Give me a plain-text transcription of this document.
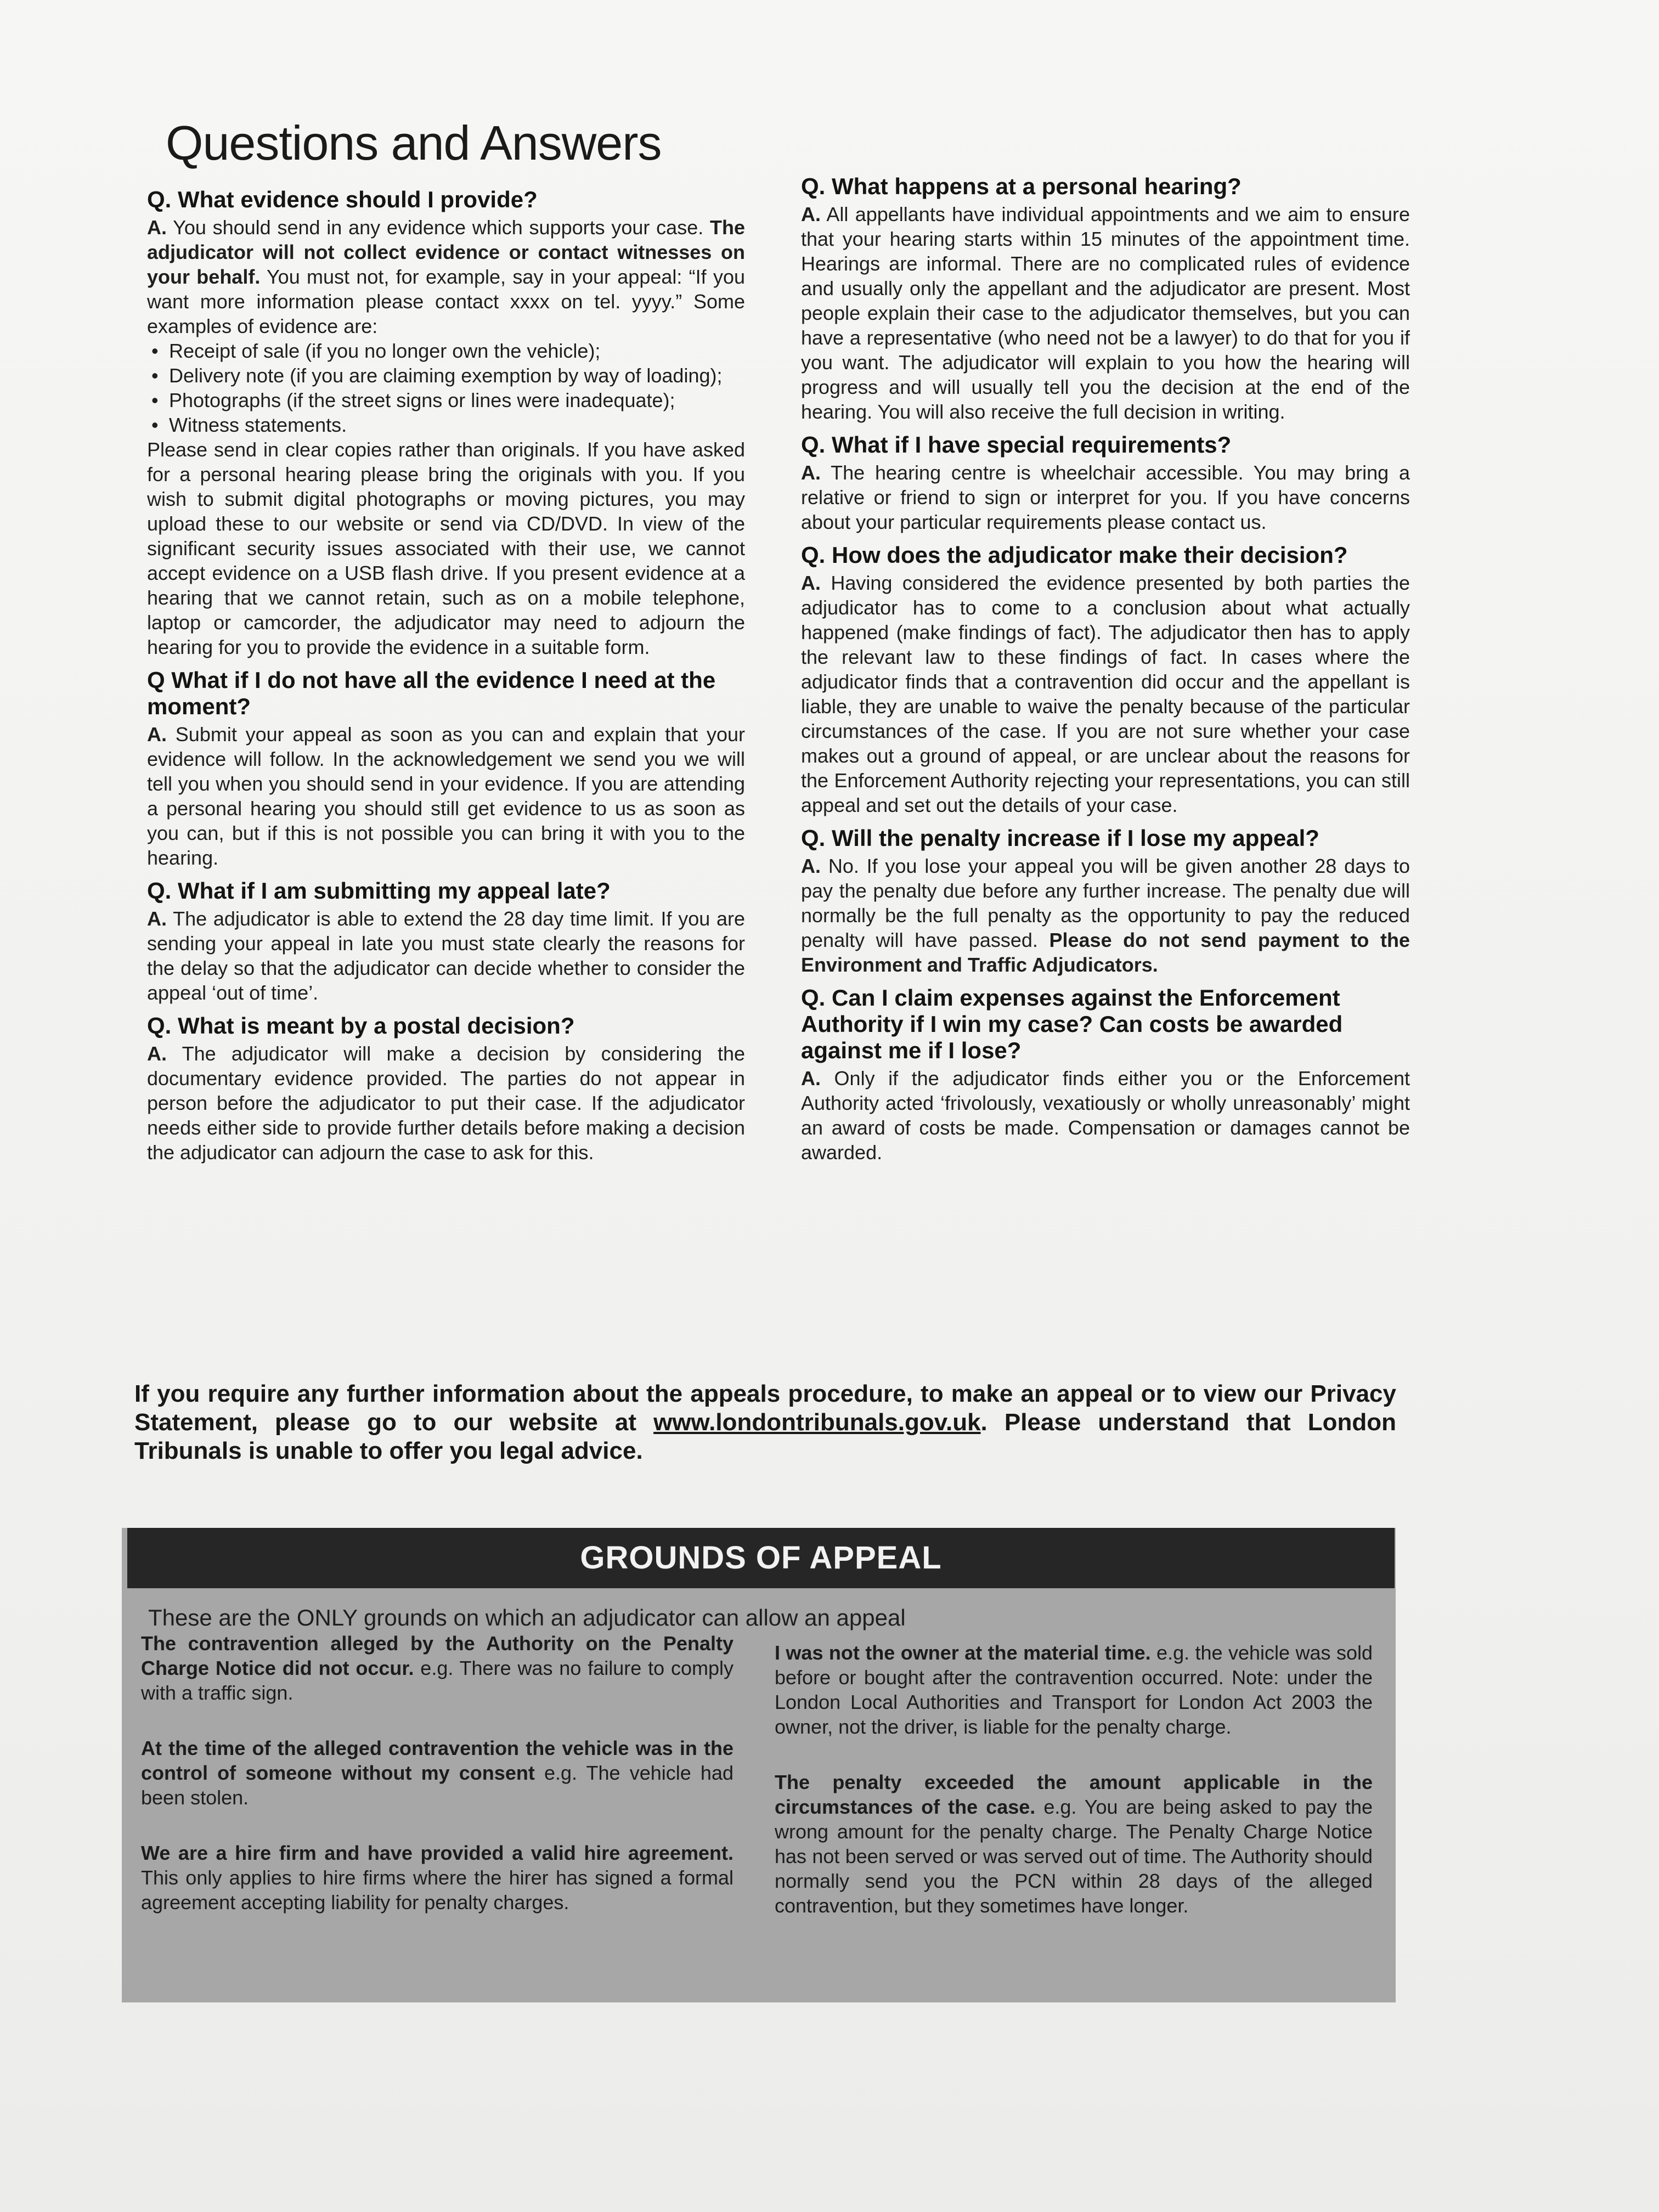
Questions and Answers

Q. What evidence should I provide?

A. You should send in any evidence which supports your case. The adjudicator will not collect evidence or contact witnesses on your behalf. You must not, for example, say in your appeal: “If you want more information please contact xxxx on tel. yyyy.” Some examples of evidence are:

• Receipt of sale (if you no longer own the vehicle);
• Delivery note (if you are claiming exemption by way of loading);
• Photographs (if the street signs or lines were inadequate);
• Witness statements.

Please send in clear copies rather than originals. If you have asked for a personal hearing please bring the originals with you. If you wish to submit digital photographs or moving pictures, you may upload these to our website or send via CD/DVD. In view of the significant security issues associated with their use, we cannot accept evidence on a USB flash drive. If you present evidence at a hearing that we cannot retain, such as on a mobile telephone, laptop or camcorder, the adjudicator may need to adjourn the hearing for you to provide the evidence in a suitable form.

Q What if I do not have all the evidence I need at the moment?

A. Submit your appeal as soon as you can and explain that your evidence will follow. In the acknowledgement we send you we will tell you when you should send in your evidence. If you are attending a personal hearing you should still get evidence to us as soon as you can, but if this is not possible you can bring it with you to the hearing.

Q. What if I am submitting my appeal late?

A. The adjudicator is able to extend the 28 day time limit. If you are sending your appeal in late you must state clearly the reasons for the delay so that the adjudicator can decide whether to consider the appeal ‘out of time’.

Q. What is meant by a postal decision?

A. The adjudicator will make a decision by considering the documentary evidence provided. The parties do not appear in person before the adjudicator to put their case. If the adjudicator needs either side to provide further details before making a decision the adjudicator can adjourn the case to ask for this.

Q. What happens at a personal hearing?

A. All appellants have individual appointments and we aim to ensure that your hearing starts within 15 minutes of the appointment time. Hearings are informal. There are no complicated rules of evidence and usually only the appellant and the adjudicator are present. Most people explain their case to the adjudicator themselves, but you can have a representative (who need not be a lawyer) to do that for you if you want. The adjudicator will explain to you how the hearing will progress and will usually tell you the decision at the end of the hearing. You will also receive the full decision in writing.

Q. What if I have special requirements?

A. The hearing centre is wheelchair accessible. You may bring a relative or friend to sign or interpret for you. If you have concerns about your particular requirements please contact us.

Q. How does the adjudicator make their decision?

A. Having considered the evidence presented by both parties the adjudicator has to come to a conclusion about what actually happened (make findings of fact). The adjudicator then has to apply the relevant law to these findings of fact. In cases where the adjudicator finds that a contravention did occur and the appellant is liable, they are unable to waive the penalty because of the particular circumstances of the case. If you are not sure whether your case makes out a ground of appeal, or are unclear about the reasons for the Enforcement Authority rejecting your representations, you can still appeal and set out the details of your case.

Q. Will the penalty increase if I lose my appeal?

A. No. If you lose your appeal you will be given another 28 days to pay the penalty due before any further increase. The penalty due will normally be the full penalty as the opportunity to pay the reduced penalty will have passed. Please do not send payment to the Environment and Traffic Adjudicators.

Q. Can I claim expenses against the Enforcement Authority if I win my case? Can costs be awarded against me if I lose?

A. Only if the adjudicator finds either you or the Enforcement Authority acted ‘frivolously, vexatiously or wholly unreasonably’ might an award of costs be made. Compensation or damages cannot be awarded.

If you require any further information about the appeals procedure, to make an appeal or to view our Privacy Statement, please go to our website at www.londontribunals.gov.uk. Please understand that London Tribunals is unable to offer you legal advice.
GROUNDS OF APPEAL
These are the ONLY grounds on which an adjudicator can allow an appeal

The contravention alleged by the Authority on the Penalty Charge Notice did not occur. e.g. There was no failure to comply with a traffic sign.

At the time of the alleged contravention the vehicle was in the control of someone without my consent e.g. The vehicle had been stolen.

We are a hire firm and have provided a valid hire agreement. This only applies to hire firms where the hirer has signed a formal agreement accepting liability for penalty charges.

I was not the owner at the material time. e.g. the vehicle was sold before or bought after the contravention occurred. Note: under the London Local Authorities and Transport for London Act 2003 the owner, not the driver, is liable for the penalty charge.

The penalty exceeded the amount applicable in the circumstances of the case. e.g. You are being asked to pay the wrong amount for the penalty charge. The Penalty Charge Notice has not been served or was served out of time. The Authority should normally send you the PCN within 28 days of the alleged contravention, but they sometimes have longer.
